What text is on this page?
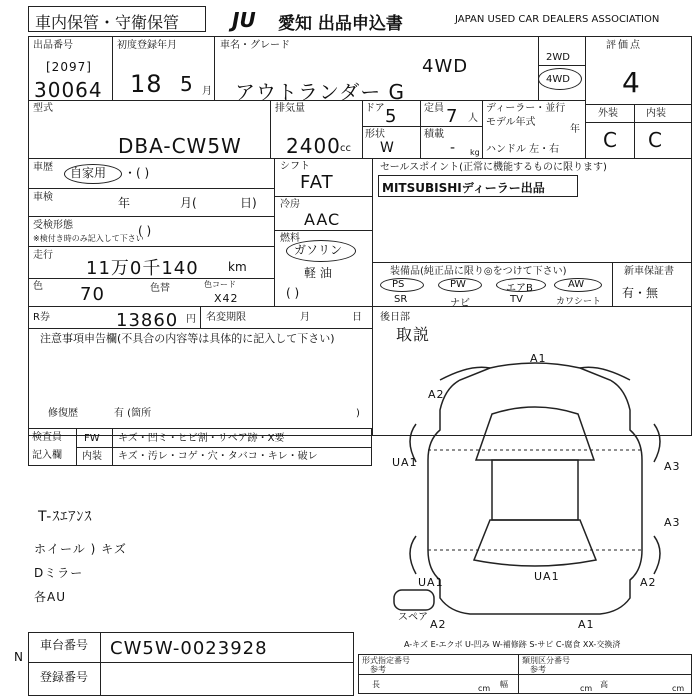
車内保管・守衛保管	JU	愛知 出品申込書	JAPAN USED CAR DEALERS ASSOCIATION
出品番号
[2097]
30064
初度登録年月
18 5 月
車名・グレード
4WD
アウトランダー G
2WD
4WD
評価点
4
外装	内装
C C
型式
DBA-CW5W
排気量
2400 cc
ドア 5	定員 7 人
形状
W
積載
- kg
ディーラー・並行
モデル年式
年
ハンドル 左・右
車歴 自家用 ・( )
車検	年	月(	日)
受検形態
※検付き時のみ記入して下さい
( )
走行
11万0千140 km
色 70	色替	色コード
X42
R券	13860 円 名変期限	月	日
シフト
FAT
冷房
AAC
燃料
ガソリン
軽 油
( )
セールスポイント(正常に機能するものに限ります)
MITSUBISHIディーラー出品
装備品(純正品に限り◎をつけて下さい)	新車保証書
有・無
PS	PW	エアB	AW
SR	ナビ	TV	カワシート
注意事項申告欄(不具合の内容等は具体的に記入して下さい)
修復歴	有 (箇所	)
後日部
取説
検査員
記入欄
FW キズ・凹ミ・ヒビ割・リペア跡・X要
内装 キズ・汚レ・コゲ・穴・タバコ・キレ・破レ
T-ｽｴｱﾝｽ
ホイール ) キズ
Dミラー
各AU
A1
A2
UA1	A3
A3
UA1
UA1	A2
A2	A1
スペア
A-キズ E-エクボ U-凹み W-補修跡 S-サビ C-腐食 XX-交換済
N
車台番号 CW5W-0023928
登録番号
形式指定番号
参考
類別区分番号
参考
長	cm 幅	cm 高	cm
